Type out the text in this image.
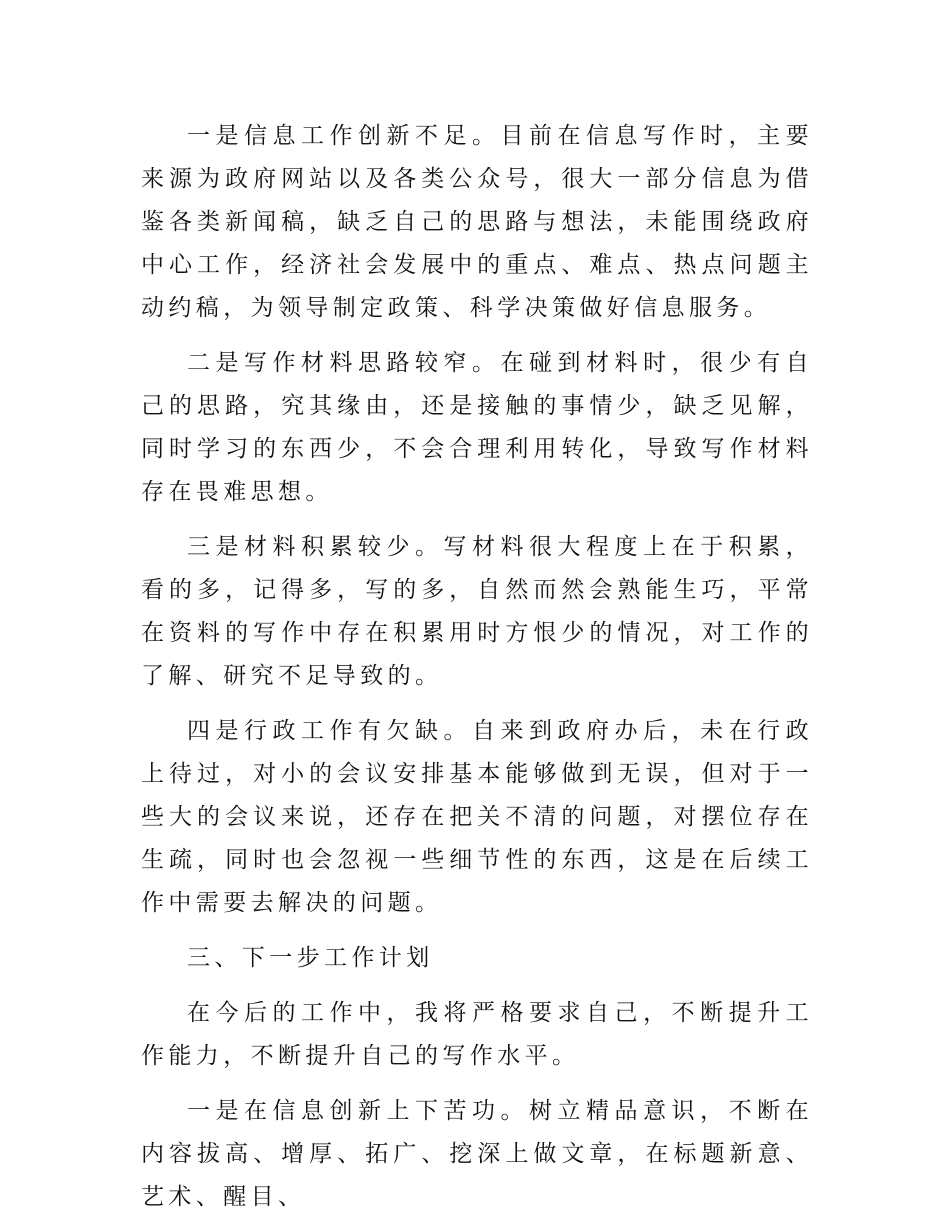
一是信息工作创新不足。目前在信息写作时，主要来源为政府网站以及各类公众号，很大一部分信息为借鉴各类新闻稿，缺乏自己的思路与想法，未能围绕政府中心工作，经济社会发展中的重点、难点、热点问题主动约稿，为领导制定政策、科学决策做好信息服务。

二是写作材料思路较窄。在碰到材料时，很少有自己的思路，究其缘由，还是接触的事情少，缺乏见解，同时学习的东西少，不会合理利用转化，导致写作材料存在畏难思想。

三是材料积累较少。写材料很大程度上在于积累，看的多，记得多，写的多，自然而然会熟能生巧，平常在资料的写作中存在积累用时方恨少的情况，对工作的了解、研究不足导致的。

四是行政工作有欠缺。自来到政府办后，未在行政上待过，对小的会议安排基本能够做到无误，但对于一些大的会议来说，还存在把关不清的问题，对摆位存在生疏，同时也会忽视一些细节性的东西，这是在后续工作中需要去解决的问题。

三、下一步工作计划

在今后的工作中，我将严格要求自己，不断提升工作能力，不断提升自己的写作水平。

一是在信息创新上下苦功。树立精品意识，不断在内容拔高、增厚、拓广、挖深上做文章，在标题新意、艺术、醒目、
